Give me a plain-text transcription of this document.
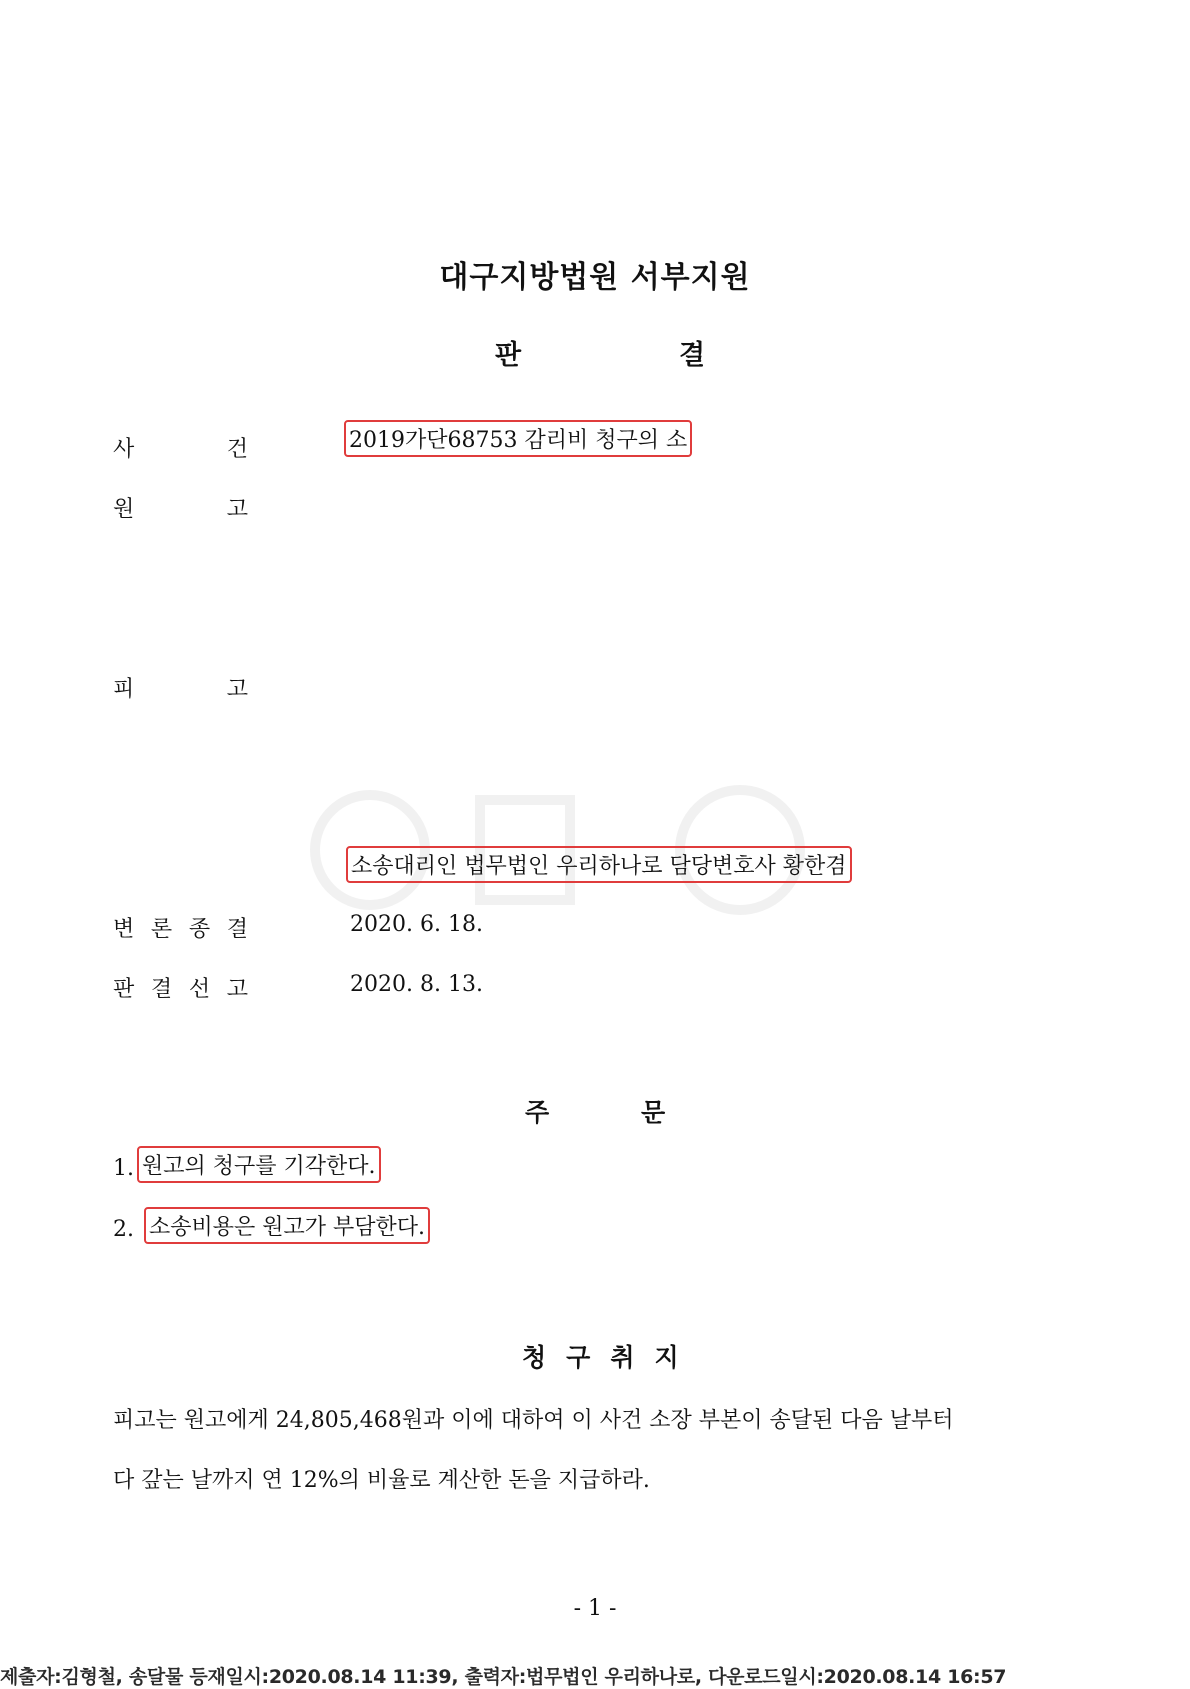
대구지방법원 서부지원
판	결
사	건	2019가단68753 감리비 청구의 소
원	고
피	고
소송대리인 법무법인 우리하나로 담당변호사 황한겸
변 론 종 결	2020. 6. 18.
판 결 선 고	2020. 8. 13.
주	문
1. 원고의 청구를 기각한다.
2. 소송비용은 원고가 부담한다.
청 구 취 지
피고는 원고에게 24,805,468원과 이에 대하여 이 사건 소장 부본이 송달된 다음 날부터
다 갚는 날까지 연 12%의 비율로 계산한 돈을 지급하라.
- 1 -
제출자:김형철, 송달물 등재일시:2020.08.14 11:39, 출력자:법무법인 우리하나로, 다운로드일시:2020.08.14 16:57
